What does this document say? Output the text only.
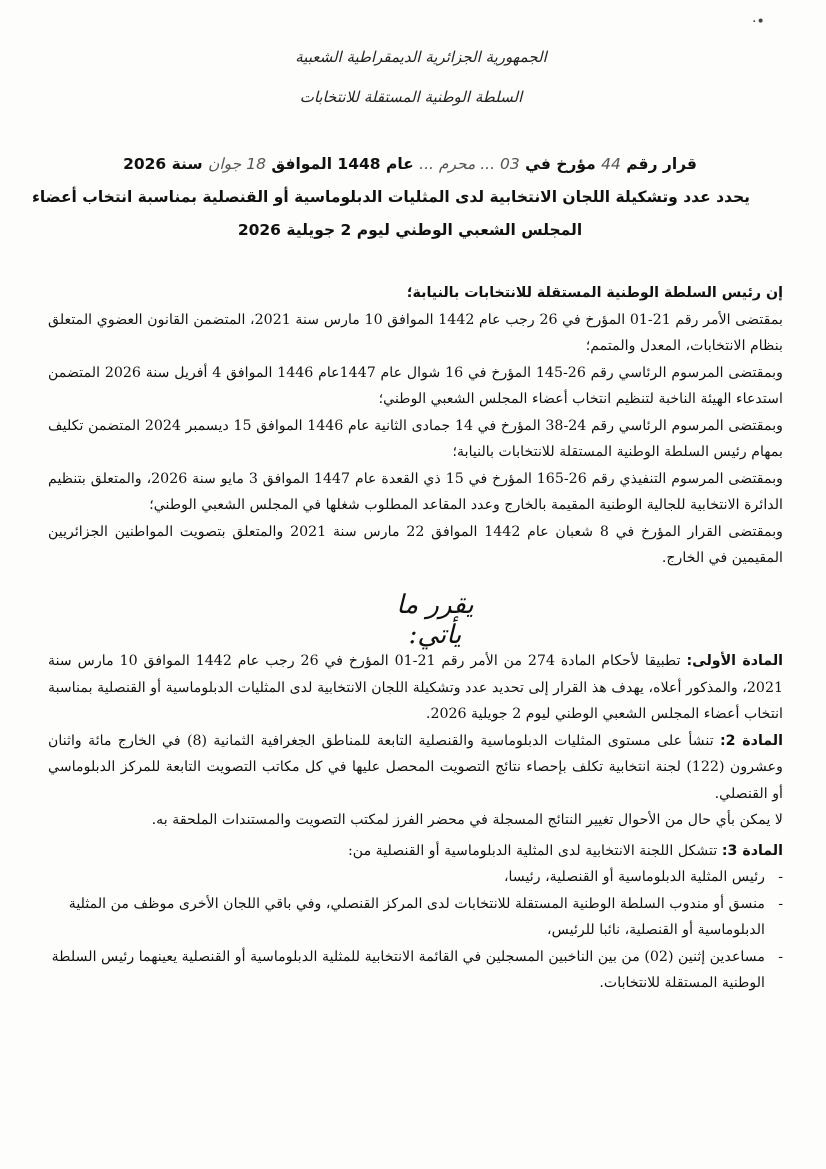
·•
الجمهورية الجزائرية الديمقراطية الشعبية
السلطة الوطنية المستقلة للانتخابات
قرار رقم 44 مؤرخ في 03 ... محرم ... عام 1448 الموافق 18 جوان سنة 2026
يحدد عدد وتشكيلة اللجان الانتخابية لدى المثليات الدبلوماسية أو القنصلية بمناسبة انتخاب أعضاء
المجلس الشعبي الوطني ليوم 2 جويلية 2026

إن رئيس السلطة الوطنية المستقلة للانتخابات بالنيابة؛

بمقتضى الأمر رقم 21-01 المؤرخ في 26 رجب عام 1442 الموافق 10 مارس سنة 2021، المتضمن القانون العضوي المتعلق بنظام الانتخابات، المعدل والمتمم؛

وبمقتضى المرسوم الرئاسي رقم 26-145 المؤرخ في 16 شوال عام 1447عام 1446 الموافق 4 أفريل سنة 2026 المتضمن استدعاء الهيئة الناخبة لتنظيم انتخاب أعضاء المجلس الشعبي الوطني؛

وبمقتضى المرسوم الرئاسي رقم 24-38 المؤرخ في 14 جمادى الثانية عام 1446 الموافق 15 ديسمبر 2024 المتضمن تكليف بمهام رئيس السلطة الوطنية المستقلة للانتخابات بالنيابة؛

وبمقتضى المرسوم التنفيذي رقم 26-165 المؤرخ في 15 ذي القعدة عام 1447 الموافق 3 مايو سنة 2026، والمتعلق بتنظيم الدائرة الانتخابية للجالية الوطنية المقيمة بالخارج وعدد المقاعد المطلوب شغلها في المجلس الشعبي الوطني؛

وبمقتضى القرار المؤرخ في 8 شعبان عام 1442 الموافق 22 مارس سنة 2021 والمتعلق بتصويت المواطنين الجزائريين المقيمين في الخارج.

يقرر ما يأتي:

المادة الأولى: تطبيقا لأحكام المادة 274 من الأمر رقم 21-01 المؤرخ في 26 رجب عام 1442 الموافق 10 مارس سنة 2021، والمذكور أعلاه، يهدف هذ القرار إلى تحديد عدد وتشكيلة اللجان الانتخابية لدى المثليات الدبلوماسية أو القنصلية بمناسبة انتخاب أعضاء المجلس الشعبي الوطني ليوم 2 جويلية 2026.

المادة 2: تنشأ على مستوى المثليات الدبلوماسية والقنصلية التابعة للمناطق الجغرافية الثمانية (8) في الخارج مائة واثنان وعشرون (122) لجنة انتخابية تكلف بإحصاء نتائج التصويت المحصل عليها في كل مكاتب التصويت التابعة للمركز الدبلوماسي أو القنصلي.

لا يمكن بأي حال من الأحوال تغيير النتائج المسجلة في محضر الفرز لمكتب التصويت والمستندات الملحقة به.

المادة 3: تتشكل اللجنة الانتخابية لدى المثلية الدبلوماسية أو القنصلية من:

-
رئيس المثلية الدبلوماسية أو القنصلية، رئيسا،
-
منسق أو مندوب السلطة الوطنية المستقلة للانتخابات لدى المركز القنصلي، وفي باقي اللجان الأخرى موظف من المثلية الدبلوماسية أو القنصلية، نائبا للرئيس،
-
مساعدين إثنين (02) من بين الناخبين المسجلين في القائمة الانتخابية للمثلية الدبلوماسية أو القنصلية يعينهما رئيس السلطة الوطنية المستقلة للانتخابات.
